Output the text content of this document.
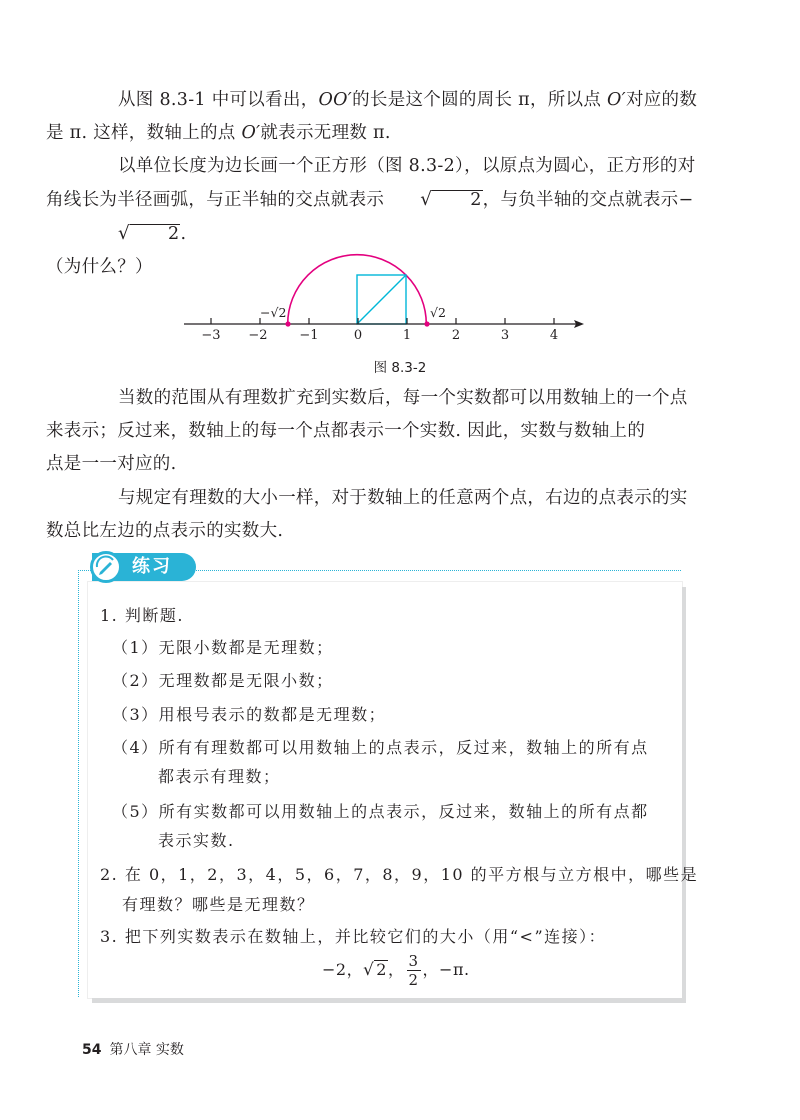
从图 8.3-1 中可以看出，OO′的长是这个圆的周长 π，所以点 O′对应的数
是 π. 这样，数轴上的点 O′就表示无理数 π.

以单位长度为边长画一个正方形（图 8.3-2），以原点为圆心，正方形的对
角线长为半径画弧，与正半轴的交点就表示 √ 2，与负半轴的交点就表示−√ 2.
（为什么？）

−3 −2 −1	0	1	2	3	4
−√2	√2
图 8.3-2

当数的范围从有理数扩充到实数后，每一个实数都可以用数轴上的一个点
来表示；反过来，数轴上的每一个点都表示一个实数. 因此，实数与数轴上的
点是一一对应的.

与规定有理数的大小一样，对于数轴上的任意两个点，右边的点表示的实
数总比左边的点表示的实数大.

练习

1. 判断题.

（1）无限小数都是无理数；

（2）无理数都是无限小数；

（3）用根号表示的数都是无理数；

（4）所有有理数都可以用数轴上的点表示，反过来，数轴上的所有点

都表示有理数；

（5）所有实数都可以用数轴上的点表示，反过来，数轴上的所有点都

表示实数.

2. 在 0，1，2，3，4，5，6，7，8，9，10 的平方根与立方根中，哪些是

有理数？哪些是无理数？

3. 把下列实数表示在数轴上，并比较它们的大小（用“<”连接）：

−2，√ 2， $\frac{3}{2}$ ，−π.

54 第八章 实数
